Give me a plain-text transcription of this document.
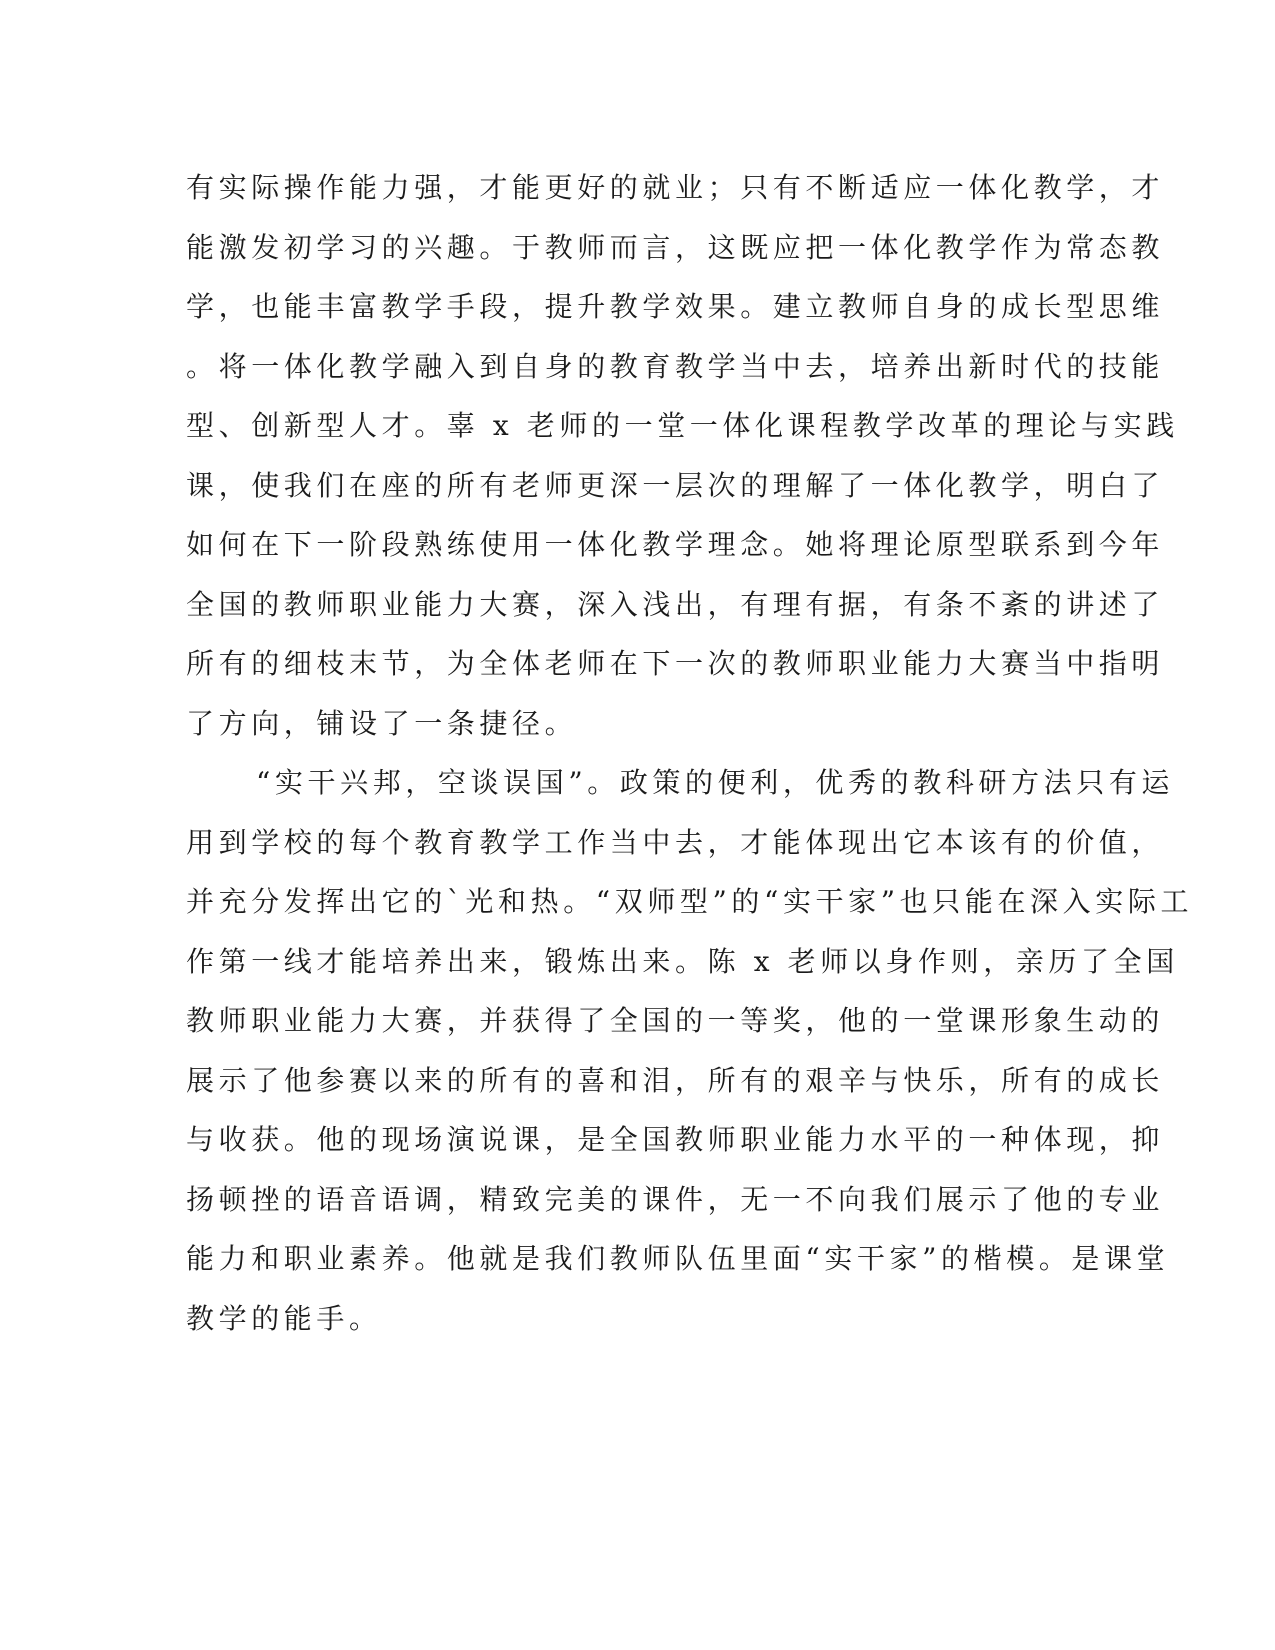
有实际操作能力强，才能更好的就业；只有不断适应一体化教学，才
能激发初学习的兴趣。于教师而言，这既应把一体化教学作为常态教
学，也能丰富教学手段，提升教学效果。建立教师自身的成长型思维
。将一体化教学融入到自身的教育教学当中去，培养出新时代的技能
型、创新型人才。辜 x 老师的一堂一体化课程教学改革的理论与实践
课，使我们在座的所有老师更深一层次的理解了一体化教学，明白了
如何在下一阶段熟练使用一体化教学理念。她将理论原型联系到今年
全国的教师职业能力大赛，深入浅出，有理有据，有条不紊的讲述了
所有的细枝末节，为全体老师在下一次的教师职业能力大赛当中指明
了方向，铺设了一条捷径。
“实干兴邦，空谈误国”。政策的便利，优秀的教科研方法只有运
用到学校的每个教育教学工作当中去，才能体现出它本该有的价值，
并充分发挥出它的`光和热。“双师型”的“实干家”也只能在深入实际工
作第一线才能培养出来，锻炼出来。陈 x 老师以身作则，亲历了全国
教师职业能力大赛，并获得了全国的一等奖，他的一堂课形象生动的
展示了他参赛以来的所有的喜和泪，所有的艰辛与快乐，所有的成长
与收获。他的现场演说课，是全国教师职业能力水平的一种体现，抑
扬顿挫的语音语调，精致完美的课件，无一不向我们展示了他的专业
能力和职业素养。他就是我们教师队伍里面“实干家”的楷模。是课堂
教学的能手。
